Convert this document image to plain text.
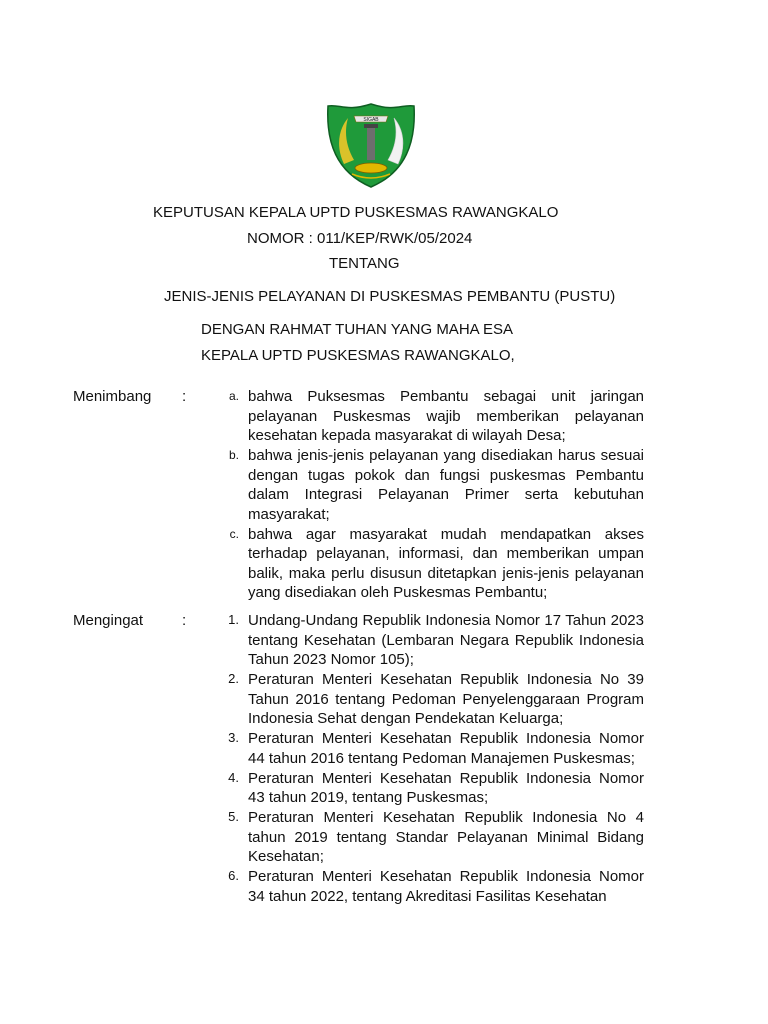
SIGAB
KEPUTUSAN KEPALA UPTD PUSKESMAS RAWANGKALO
NOMOR : 011/KEP/RWK/05/2024
TENTANG
JENIS-JENIS PELAYANAN DI PUSKESMAS PEMBANTU (PUSTU)
DENGAN RAHMAT TUHAN YANG MAHA ESA
KEPALA UPTD PUSKESMAS RAWANGKALO,
Menimbang :	a. bahwa Puksesmas Pembantu sebagai unit jaringan pelayanan Puskesmas wajib memberikan pelayanan kesehatan kepada masyarakat di wilayah Desa;
b. bahwa jenis-jenis pelayanan yang disediakan harus sesuai dengan tugas pokok dan fungsi puskesmas Pembantu dalam Integrasi Pelayanan Primer serta kebutuhan masyarakat;
c. bahwa agar masyarakat mudah mendapatkan akses terhadap pelayanan, informasi, dan memberikan umpan balik, maka perlu disusun ditetapkan jenis-jenis pelayanan yang disediakan oleh Puskesmas Pembantu;
Mengingat	:	1. Undang-Undang Republik Indonesia Nomor 17 Tahun 2023 tentang Kesehatan (Lembaran Negara Republik Indonesia Tahun 2023 Nomor 105);
2. Peraturan Menteri Kesehatan Republik Indonesia No 39 Tahun 2016 tentang Pedoman Penyelenggaraan Program Indonesia Sehat dengan Pendekatan Keluarga;
3. Peraturan Menteri Kesehatan Republik Indonesia Nomor 44 tahun 2016 tentang Pedoman Manajemen Puskesmas;
4. Peraturan Menteri Kesehatan Republik Indonesia Nomor 43 tahun 2019, tentang Puskesmas;
5. Peraturan Menteri Kesehatan Republik Indonesia No 4 tahun 2019 tentang Standar Pelayanan Minimal Bidang Kesehatan;
6. Peraturan Menteri Kesehatan Republik Indonesia Nomor 34 tahun 2022, tentang Akreditasi Fasilitas Kesehatan
